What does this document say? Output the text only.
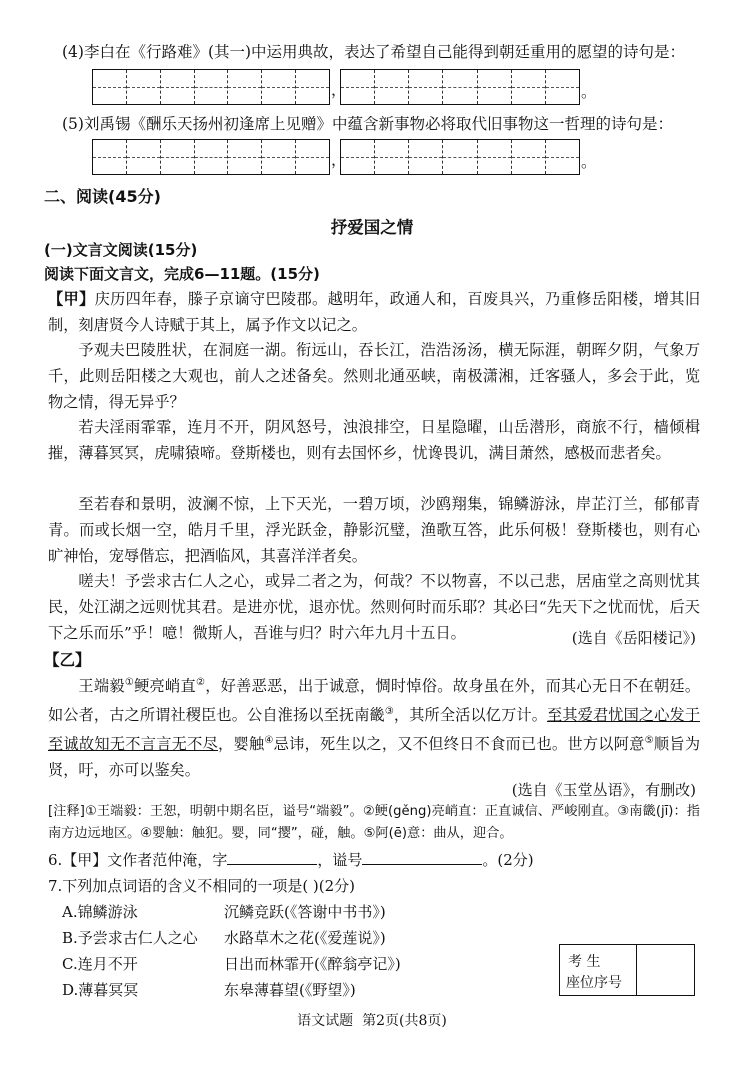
(4)李白在《行路难》(其一)中运用典故，表达了希望自己能得到朝廷重用的愿望的诗句是：
，	。
(5)刘禹锡《酬乐天扬州初逢席上见赠》中蕴含新事物必将取代旧事物这一哲理的诗句是：
，	。
二、阅读(45分)
抒爱国之情
(一)文言文阅读(15分)
阅读下面文言文，完成6—11题。(15分)
【甲】庆历四年春，滕子京谪守巴陵郡。越明年，政通人和，百废具兴，乃重修岳阳楼，增其旧制，刻唐贤今人诗赋于其上，属予作文以记之。
予观夫巴陵胜状，在洞庭一湖。衔远山，吞长江，浩浩汤汤，横无际涯，朝晖夕阴，气象万千，此则岳阳楼之大观也，前人之述备矣。然则北通巫峡，南极潇湘，迁客骚人，多会于此，览物之情，得无异乎？
若夫淫雨霏霏，连月不开，阴风怒号，浊浪排空，日星隐曜，山岳潜形，商旅不行，樯倾楫摧，薄暮冥冥，虎啸猿啼。登斯楼也，则有去国怀乡，忧谗畏讥，满目萧然，感极而悲者矣。
至若春和景明，波澜不惊，上下天光，一碧万顷，沙鸥翔集，锦鳞游泳，岸芷汀兰，郁郁青青。而或长烟一空，皓月千里，浮光跃金，静影沉璧，渔歌互答，此乐何极！登斯楼也，则有心旷神怡，宠辱偕忘，把酒临风，其喜洋洋者矣。
嗟夫！予尝求古仁人之心，或异二者之为，何哉？不以物喜，不以己悲，居庙堂之高则忧其民，处江湖之远则忧其君。是进亦忧，退亦忧。然则何时而乐耶？其必曰“先天下之忧而忧，后天下之乐而乐”乎！噫！微斯人，吾谁与归？时六年九月十五日。	(选自《岳阳楼记》)
【乙】
王端毅①鲠亮峭直②，好善恶恶，出于诚意，惆时悼俗。故身虽在外，而其心无日不在朝廷。如公者，古之所谓社稷臣也。公自淮扬以至抚南畿③，其所全活以亿万计。至其爱君忧国之心发于至诚故知无不言言无不尽，婴触④忌讳，死生以之，又不但终日不食而已也。世方以阿意⑤顺旨为贤，吁，亦可以鉴矣。
(选自《玉堂丛语》，有删改)
[注释]①王端毅：王恕，明朝中期名臣，谥号“端毅”。②鲠(gěng)亮峭直：正直诚信、严峻刚直。③南畿(jī)：指南方边远地区。④婴触：触犯。婴，同“撄”，碰，触。⑤阿(ē)意：曲从，迎合。
6.【甲】文作者范仲淹，字	，谥号	。(2分)
7.下列加点词语的含义不相同的一项是( )(2分)
A.锦鳞游泳	沉鳞竞跃(《答谢中书书》)
B.予尝求古仁人之心 水路草木之花(《爱莲说》)
C.连月不开	日出而林霏开(《醉翁亭记》)
D.薄暮冥冥	东皋薄暮望(《野望》)
考 生
座位序号
语文试题  第2页(共8页)
